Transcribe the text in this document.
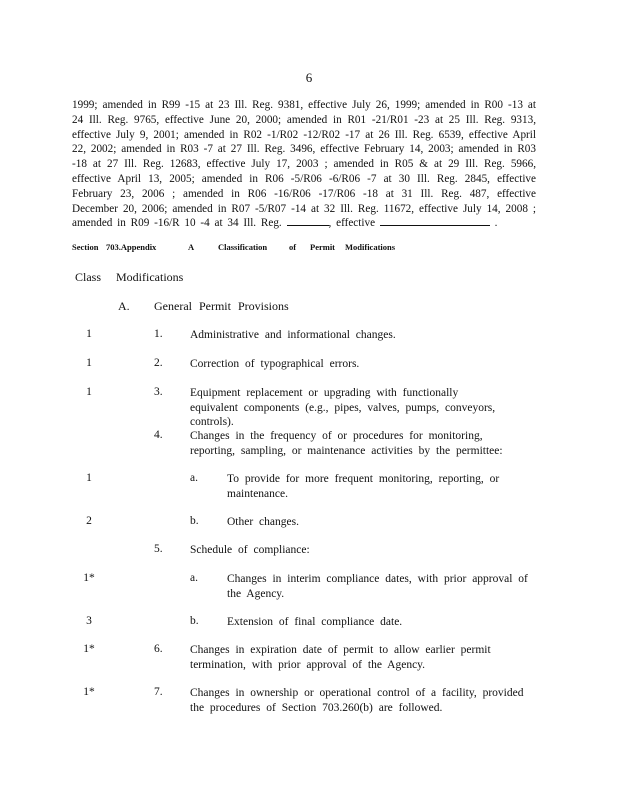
6
1999; amended in R99 -15 at 23 Ill. Reg. 9381, effective July 26, 1999; amended in R00 -13 at 24 Ill. Reg. 9765, effective June 20, 2000; amended in R01 -21/R01 -23 at 25 Ill. Reg. 9313, effective July 9, 2001; amended in R02 -1/R02 -12/R02 -17 at 26 Ill. Reg. 6539, effective April 22, 2002; amended in R03 -7 at 27 Ill. Reg. 3496, effective February 14, 2003; amended in R03 -18 at 27 Ill. Reg. 12683, effective July 17, 2003 ; amended in R05 & at 29 Ill. Reg. 5966, effective April 13, 2005; amended in R06 -5/R06 -6/R06 -7 at 30 Ill. Reg. 2845, effective February 23, 2006 ; amended in R06 -16/R06 -17/R06 -18 at 31 Ill. Reg. 487, effective December 20, 2006; amended in R07 -5/R07 -14 at 32 Ill. Reg. 11672, effective July 14, 2008 ; amended in R09 -16/R 10 -4 at 34 Ill. Reg.	, effective	.
Section 703.Appendix	A	Classification	of Permit Modifications
Class Modifications
A. General Permit Provisions
1	1. Administrative and informational changes.
1	2. Correction of typographical errors.
1	3. Equipment replacement or upgrading with functionally equivalent components (e.g., pipes, valves, pumps, conveyors, controls).
4. Changes in the frequency of or procedures for monitoring, reporting, sampling, or maintenance activities by the permittee:
1	a.	To provide for more frequent monitoring, reporting, or maintenance.
2	b. Other changes.
5. Schedule of compliance:
1*	a.	Changes in interim compliance dates, with prior approval of the Agency.
3	b. Extension of final compliance date.
1*	6. Changes in expiration date of permit to allow earlier permit termination, with prior approval of the Agency.
1*	7. Changes in ownership or operational control of a facility, provided the procedures of Section 703.260(b) are followed.
